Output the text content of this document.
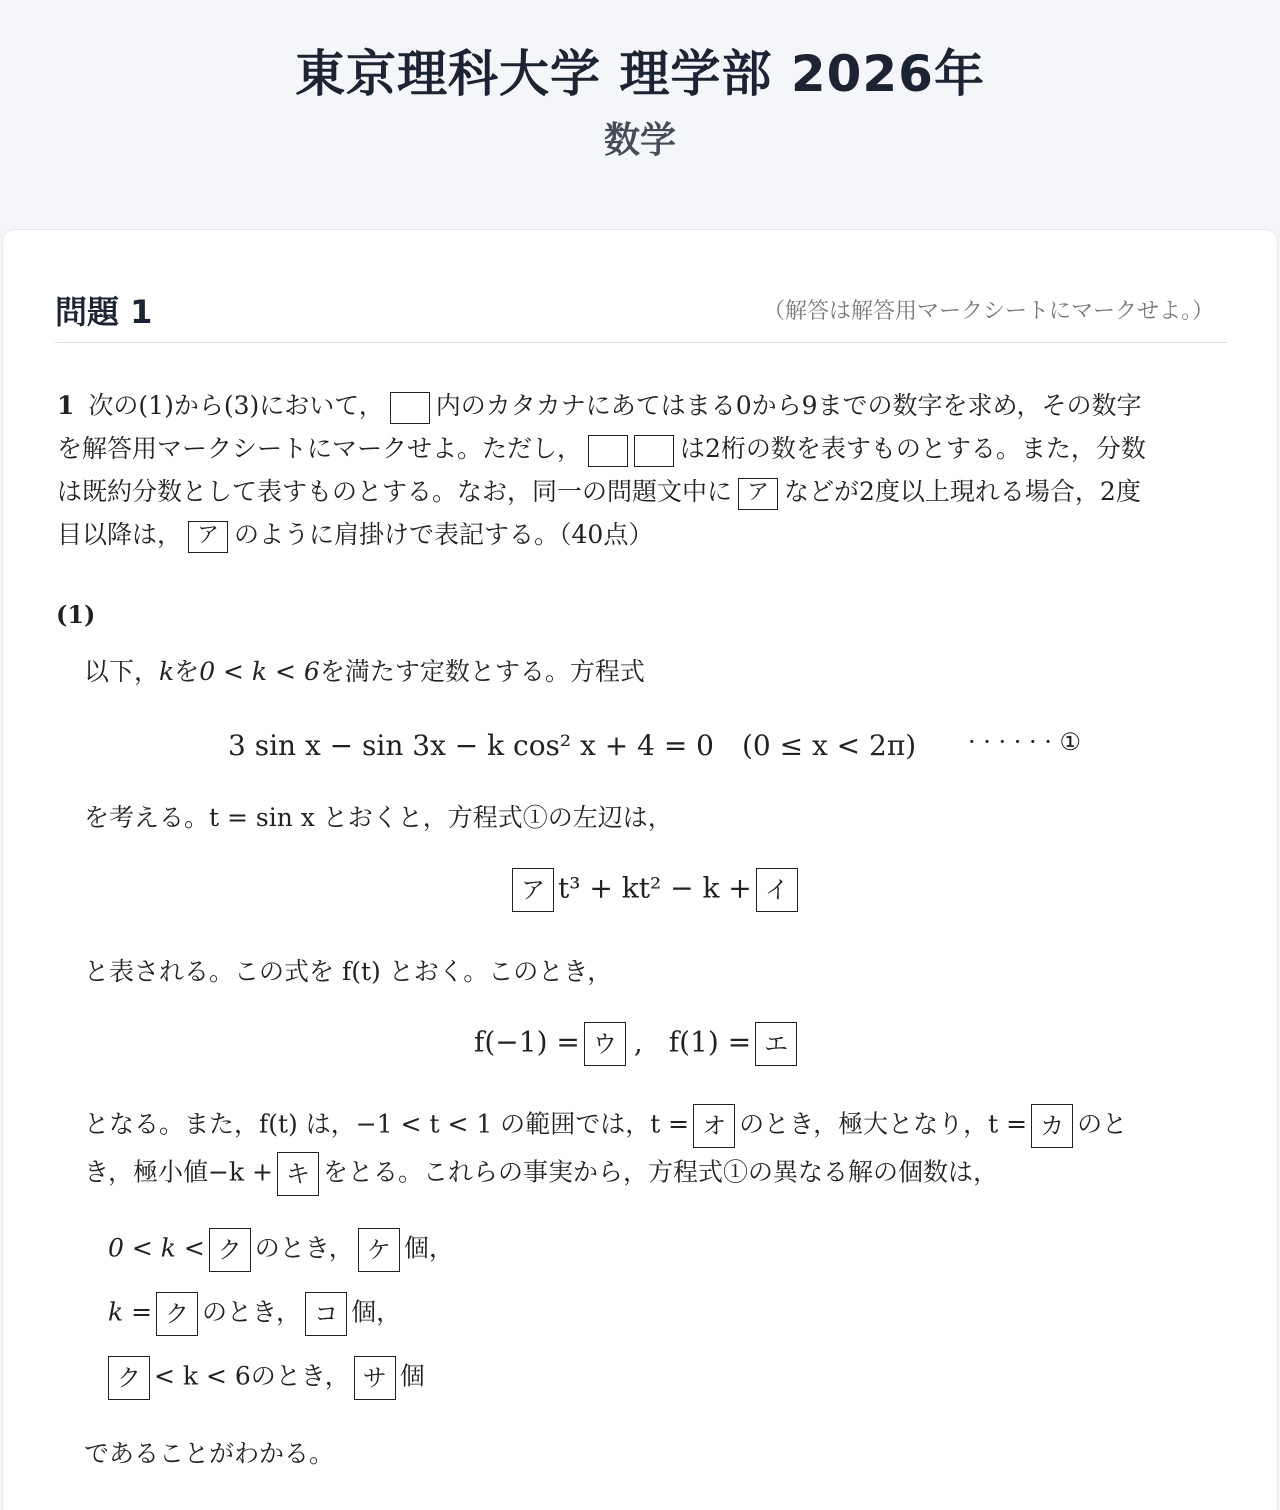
東京理科大学 理学部 2026年
数学
問題 1	（解答は解答用マークシートにマークせよ。）
1 次の(1)から(3)において， 内のカタカナにあてはまる0から9までの数字を求め，その数字
を解答用マークシートにマークせよ。ただし，	は2桁の数を表すものとする。また，分数
は既約分数として表すものとする。なお，同一の問題文中に ア などが2度以上現れる場合，2度
目以降は， ア のように肩掛けで表記する。（40点）
(1)
以下，kを0 < k < 6を満たす定数とする。方程式
3 sin x − sin 3x − k cos² x + 4 = 0　(0 ≤ x < 2π) · · · · · · ①
を考える。t = sin x とおくと，方程式①の左辺は，
ア t³ + kt² − k + イ
と表される。この式を f(t) とおく。このとき，
f(−1) = ウ , f(1) = エ
となる。また，f(t) は，−1 < t < 1 の範囲では，t = オ のとき，極大となり，t = カ のと
き，極小値−k + キ をとる。これらの事実から，方程式①の異なる解の個数は，
0 < k < ク のとき， ケ 個，
k = ク のとき， コ 個，
ク < k < 6のとき， サ 個
であることがわかる。
